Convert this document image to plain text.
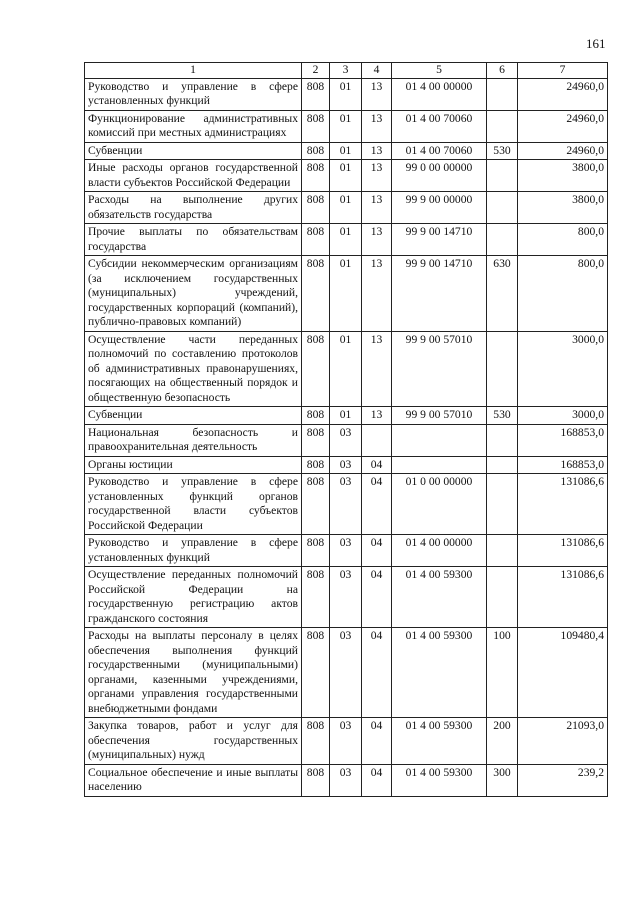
161
1	2	3	4	5	6	7
Руководство и управление в сфере установленных функций	808	01	13	01 4 00 00000		24960,0
Функционирование административных комиссий при местных администрациях	808	01	13	01 4 00 70060		24960,0
Субвенции	808	01	13	01 4 00 70060	530	24960,0
Иные расходы органов государственной власти субъектов Российской Федерации	808	01	13	99 0 00 00000		3800,0
Расходы на выполнение других обязательств государства	808	01	13	99 9 00 00000		3800,0
Прочие выплаты по обязательствам государства	808	01	13	99 9 00 14710		800,0
Субсидии некоммерческим организациям (за исключением государственных (муниципальных) учреждений, государственных корпораций (компаний), публично-правовых компаний)	808	01	13	99 9 00 14710	630	800,0
Осуществление части переданных полномочий по составлению протоколов об административных правонарушениях, посягающих на общественный порядок и общественную безопасность	808	01	13	99 9 00 57010		3000,0
Субвенции	808	01	13	99 9 00 57010	530	3000,0
Национальная безопасность и правоохранительная деятельность	808	03				168853,0
Органы юстиции	808	03	04			168853,0
Руководство и управление в сфере установленных функций органов государственной власти субъектов Российской Федерации	808	03	04	01 0 00 00000		131086,6
Руководство и управление в сфере установленных функций	808	03	04	01 4 00 00000		131086,6
Осуществление переданных полномочий Российской Федерации на государственную регистрацию актов гражданского состояния	808	03	04	01 4 00 59300		131086,6
Расходы на выплаты персоналу в целях обеспечения выполнения функций государственными (муниципальными) органами, казенными учреждениями, органами управления государственными внебюджетными фондами	808	03	04	01 4 00 59300	100	109480,4
Закупка товаров, работ и услуг для обеспечения государственных (муниципальных) нужд	808	03	04	01 4 00 59300	200	21093,0
Социальное обеспечение и иные выплаты населению	808	03	04	01 4 00 59300	300	239,2
